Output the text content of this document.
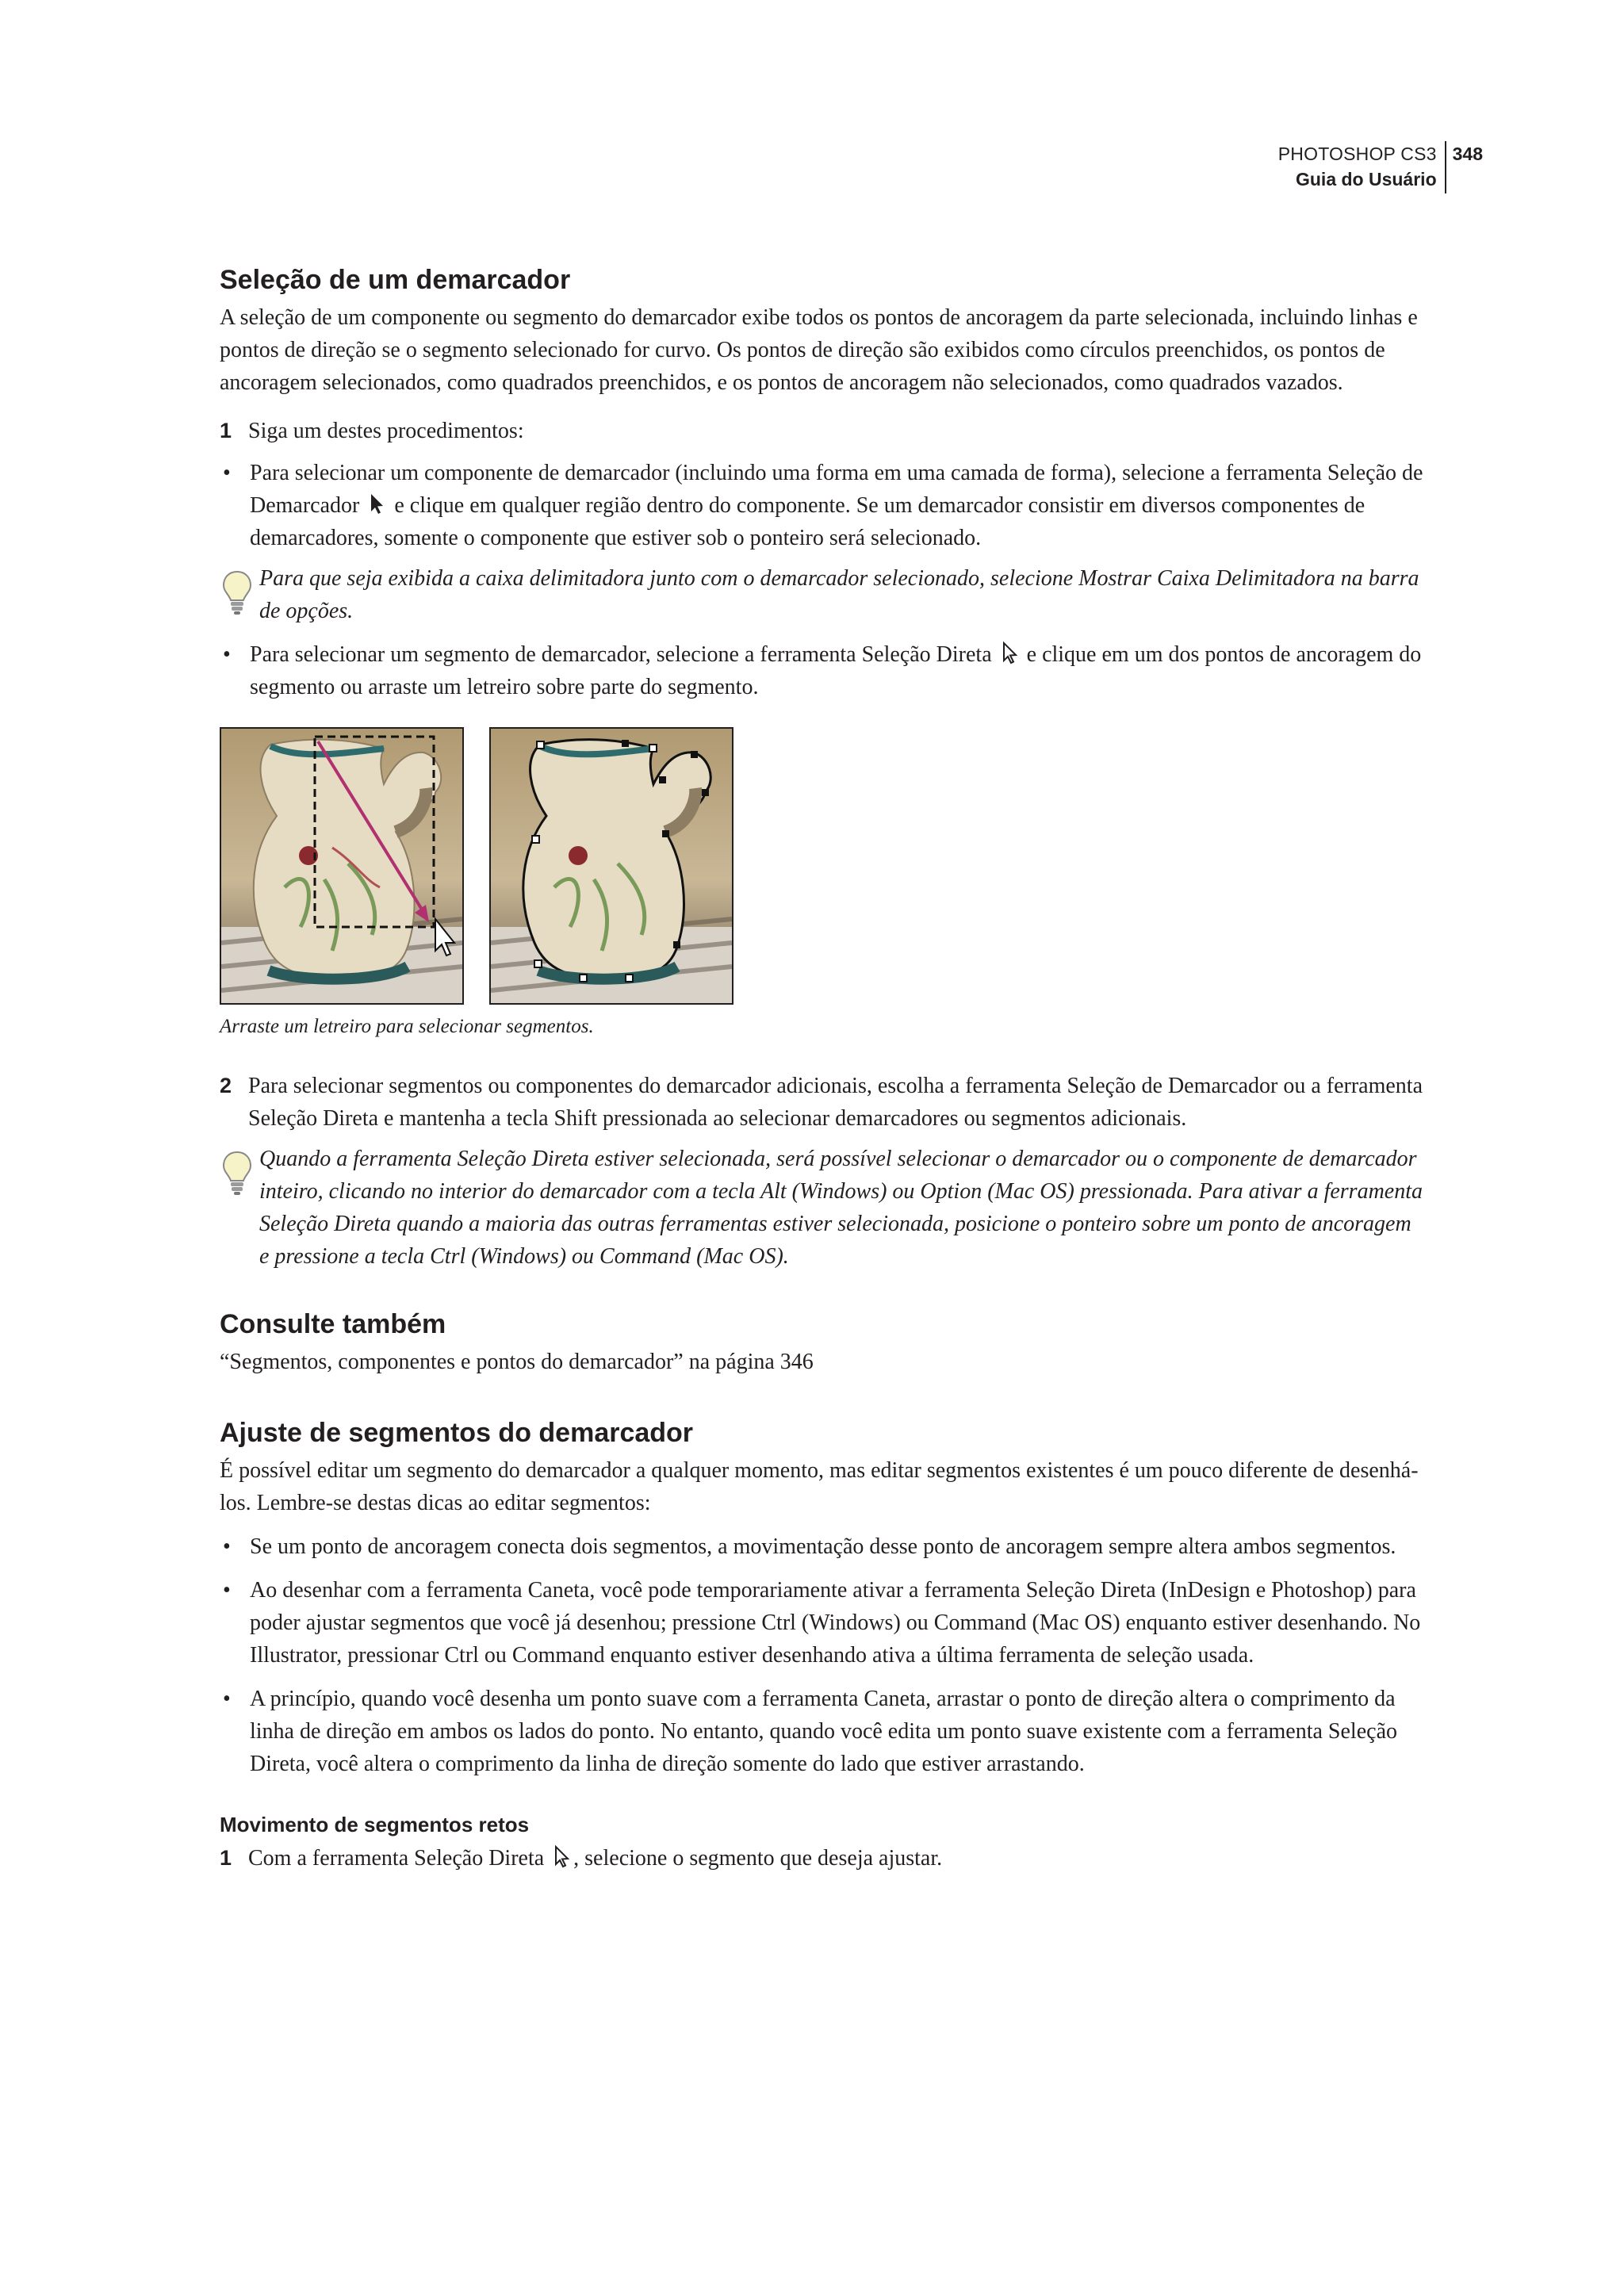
PHOTOSHOP CS3
Guia do Usuário
348
Seleção de um demarcador

A seleção de um componente ou segmento do demarcador exibe todos os pontos de ancoragem da parte selecionada, incluindo linhas e pontos de direção se o segmento selecionado for curvo. Os pontos de direção são exibidos como círculos preenchidos, os pontos de ancoragem selecionados, como quadrados preenchidos, e os pontos de ancoragem não selecionados, como quadrados vazados.

1 Siga um destes procedimentos:

• Para selecionar um componente de demarcador (incluindo uma forma em uma camada de forma), selecione a ferramenta Seleção de Demarcador e clique em qualquer região dentro do componente. Se um demarcador consistir em diversos componentes de demarcadores, somente o componente que estiver sob o ponteiro será selecionado.

Para que seja exibida a caixa delimitadora junto com o demarcador selecionado, selecione Mostrar Caixa Delimitadora na barra de opções.

• Para selecionar um segmento de demarcador, selecione a ferramenta Seleção Direta e clique em um dos pontos de ancoragem do segmento ou arraste um letreiro sobre parte do segmento.

Arraste um letreiro para selecionar segmentos.

2 Para selecionar segmentos ou componentes do demarcador adicionais, escolha a ferramenta Seleção de Demarcador ou a ferramenta Seleção Direta e mantenha a tecla Shift pressionada ao selecionar demarcadores ou segmentos adicionais.

Quando a ferramenta Seleção Direta estiver selecionada, será possível selecionar o demarcador ou o componente de demarcador inteiro, clicando no interior do demarcador com a tecla Alt (Windows) ou Option (Mac OS) pressionada. Para ativar a ferramenta Seleção Direta quando a maioria das outras ferramentas estiver selecionada, posicione o ponteiro sobre um ponto de ancoragem e pressione a tecla Ctrl (Windows) ou Command (Mac OS).

Consulte também

“Segmentos, componentes e pontos do demarcador” na página 346

Ajuste de segmentos do demarcador

É possível editar um segmento do demarcador a qualquer momento, mas editar segmentos existentes é um pouco diferente de desenhá-los. Lembre-se destas dicas ao editar segmentos:

• Se um ponto de ancoragem conecta dois segmentos, a movimentação desse ponto de ancoragem sempre altera ambos segmentos.

• Ao desenhar com a ferramenta Caneta, você pode temporariamente ativar a ferramenta Seleção Direta (InDesign e Photoshop) para poder ajustar segmentos que você já desenhou; pressione Ctrl (Windows) ou Command (Mac OS) enquanto estiver desenhando. No Illustrator, pressionar Ctrl ou Command enquanto estiver desenhando ativa a última ferramenta de seleção usada.

• A princípio, quando você desenha um ponto suave com a ferramenta Caneta, arrastar o ponto de direção altera o comprimento da linha de direção em ambos os lados do ponto. No entanto, quando você edita um ponto suave existente com a ferramenta Seleção Direta, você altera o comprimento da linha de direção somente do lado que estiver arrastando.

Movimento de segmentos retos

1 Com a ferramenta Seleção Direta , selecione o segmento que deseja ajustar.
